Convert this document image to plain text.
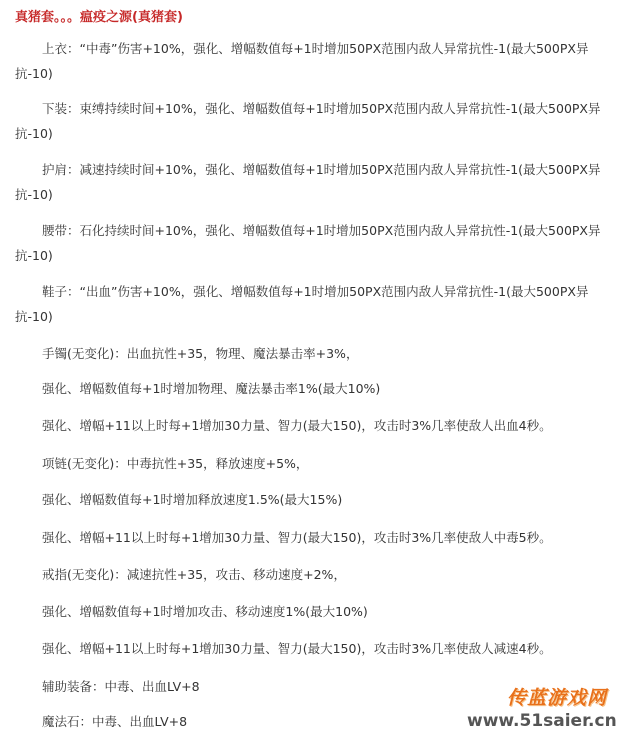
真猪套。。。瘟疫之源(真猪套)
上衣：“中毒”伤害+10%，强化、增幅数值每+1时增加50PX范围内敌人异常抗性-1(最大500PX异
抗-10)
下装：束缚持续时间+10%，强化、增幅数值每+1时增加50PX范围内敌人异常抗性-1(最大500PX异
抗-10)
护肩：减速持续时间+10%，强化、增幅数值每+1时增加50PX范围内敌人异常抗性-1(最大500PX异
抗-10)
腰带：石化持续时间+10%，强化、增幅数值每+1时增加50PX范围内敌人异常抗性-1(最大500PX异
抗-10)
鞋子：“出血”伤害+10%，强化、增幅数值每+1时增加50PX范围内敌人异常抗性-1(最大500PX异
抗-10)
手镯(无变化)：出血抗性+35，物理、魔法暴击率+3%，
强化、增幅数值每+1时增加物理、魔法暴击率1%(最大10%)
强化、增幅+11以上时每+1增加30力量、智力(最大150)，攻击时3%几率使敌人出血4秒。
项链(无变化)：中毒抗性+35，释放速度+5%，
强化、增幅数值每+1时增加释放速度1.5%(最大15%)
强化、增幅+11以上时每+1增加30力量、智力(最大150)，攻击时3%几率使敌人中毒5秒。
戒指(无变化)：减速抗性+35，攻击、移动速度+2%，
强化、增幅数值每+1时增加攻击、移动速度1%(最大10%)
强化、增幅+11以上时每+1增加30力量、智力(最大150)，攻击时3%几率使敌人减速4秒。
辅助装备：中毒、出血LV+8
魔法石：中毒、出血LV+8
传蓝游戏网
www.51saier.cn
